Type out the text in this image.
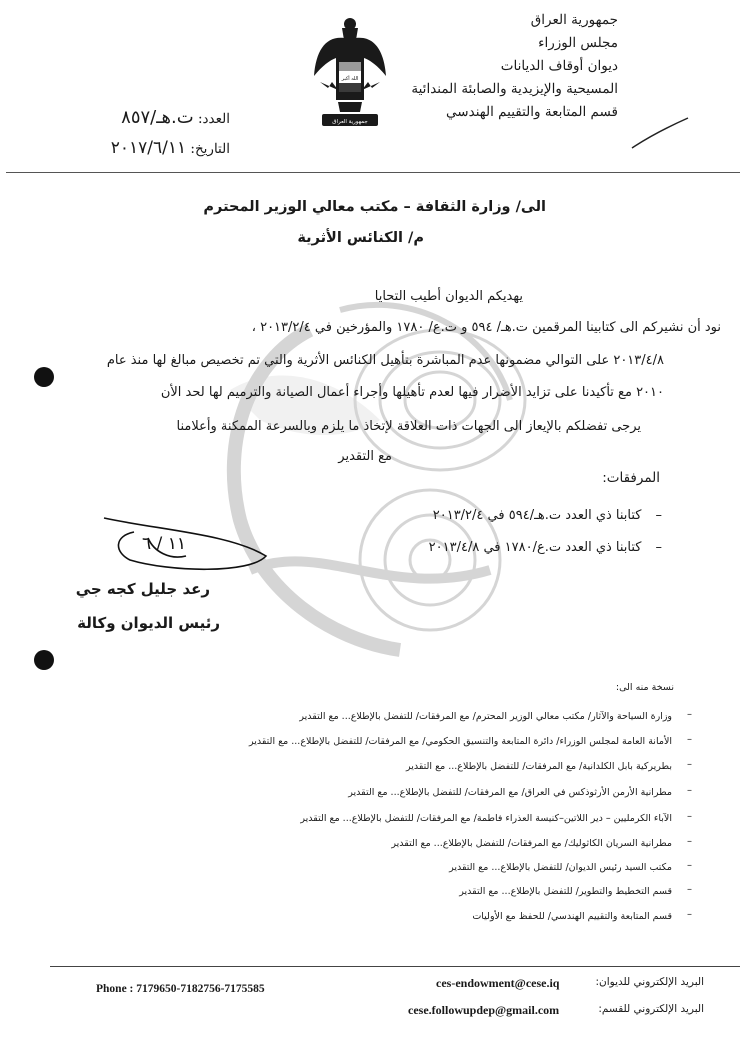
جمهورية العراق
مجلس الوزراء
ديوان أوقاف الديانات
المسيحية والإيزيدية والصابئة المندائية
قسم المتابعة والتقييم الهندسي
الله أكبر
جمهورية العراق
العدد: ت.هـ/٨٥٧
التاريخ: ٢٠١٧/٦/١١
الى/ وزارة الثقافة – مكتب معالي الوزير المحترم
م/ الكنائس الأثرية
يهديكم الديوان أطيب التحايا
نود أن نشيركم الى كتابينا المرقمين ت.هـ/ ٥٩٤ و ت.ع/ ١٧٨٠ والمؤرخين في ٢٠١٣/٢/٤ ،
٢٠١٣/٤/٨ على التوالي مضمونها عدم المباشرة بتأهيل الكنائس الأثرية والتي تم تخصيص مبالغ لها منذ عام
٢٠١٠ مع تأكيدنا على تزايد الأضرار فيها لعدم تأهيلها وأجراء أعمال الصيانة والترميم لها لحد الأن
يرجى تفضلكم بالإيعاز الى الجهات ذات العلاقة لإتخاذ ما يلزم وبالسرعة الممكنة وأعلامنا
مع التقدير
المرفقات:
–كتابنا ذي العدد ت.هـ/٥٩٤ في ٢٠١٣/٢/٤
–كتابنا ذي العدد ت.ع/١٧٨٠ في ٢٠١٣/٤/٨
١١ / ٦
رعد جليل كجه جي
رئيس الديوان وكالة
نسخة منه الى:
وزارة السياحة والآثار/ مكتب معالي الوزير المحترم/ مع المرفقات/ للتفضل بالإطلاع... مع التقدير –
الأمانة العامة لمجلس الوزراء/ دائرة المتابعة والتنسيق الحكومي/ مع المرفقات/ للتفضل بالإطلاع... مع التقدير –
بطريركية بابل الكلدانية/ مع المرفقات/ للتفضل بالإطلاع... مع التقدير –
مطرانية الأرمن الأرثوذكس في العراق/ مع المرفقات/ للتفضل بالإطلاع... مع التقدير –
الآباء الكرمليين – دير اللاتين–كنيسة العذراء فاطمة/ مع المرفقات/ للتفضل بالإطلاع... مع التقدير –
مطرانية السريان الكاثوليك/ مع المرفقات/ للتفضل بالإطلاع... مع التقدير –
مكتب السيد رئيس الديوان/ للتفضل بالإطلاع... مع التقدير –
قسم التخطيط والتطوير/ للتفضل بالإطلاع... مع التقدير –
قسم المتابعة والتقييم الهندسي/ للحفظ مع الأوليات –
البريد الإلكتروني للديوان:
ces-endowment@cese.iq
البريد الإلكتروني للقسم:
cese.followupdep@gmail.com
Phone : 7179650-7182756-7175585
